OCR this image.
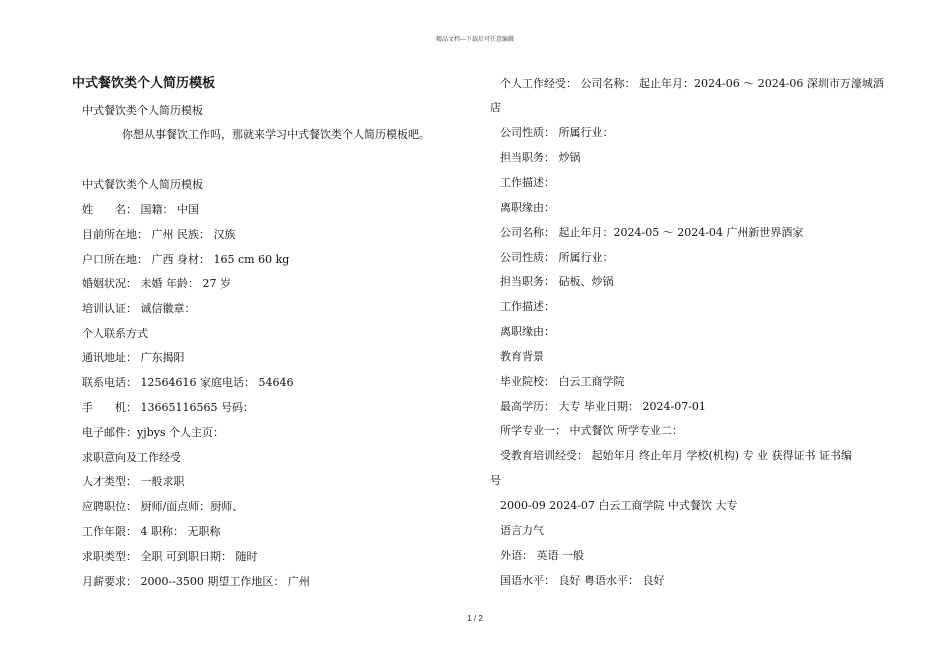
精品文档---下载后可任意编辑
中式餐饮类个人简历模板
中式餐饮类个人简历模板
你想从事餐饮工作吗，那就来学习中式餐饮类个人简历模板吧。
中式餐饮类个人简历模板
姓　　名： 国籍： 中国
目前所在地： 广州 民族： 汉族
户口所在地： 广西 身材： 165 cm 60 kg
婚姻状况： 未婚 年龄： 27 岁
培训认证： 诚信徽章：
个人联系方式
通讯地址： 广东揭阳
联系电话： 12564616 家庭电话： 54646
手　　机： 13665116565 号码：
电子邮件：yjbys 个人主页：
求职意向及工作经受
人才类型： 一般求职
应聘职位： 厨师/面点师：厨师、
工作年限： 4 职称： 无职称
求职类型： 全职 可到职日期： 随时
月薪要求： 2000--3500 期望工作地区： 广州
个人工作经受： 公司名称： 起止年月：2024-06 ～ 2024-06 深圳市万濠城酒
店
公司性质： 所属行业：
担当职务： 炒锅
工作描述：
离职缘由：
公司名称： 起止年月：2024-05 ～ 2024-04 广州新世界酒家
公司性质： 所属行业：
担当职务： 砧板、炒锅
工作描述：
离职缘由：
教育背景
毕业院校： 白云工商学院
最高学历： 大专 毕业日期： 2024-07-01
所学专业一： 中式餐饮 所学专业二：
受教育培训经受： 起始年月 终止年月 学校(机构) 专 业 获得证书 证书编
号
2000-09 2024-07 白云工商学院 中式餐饮 大专
语言力气
外语： 英语 一般
国语水平： 良好 粤语水平： 良好
1 / 2
